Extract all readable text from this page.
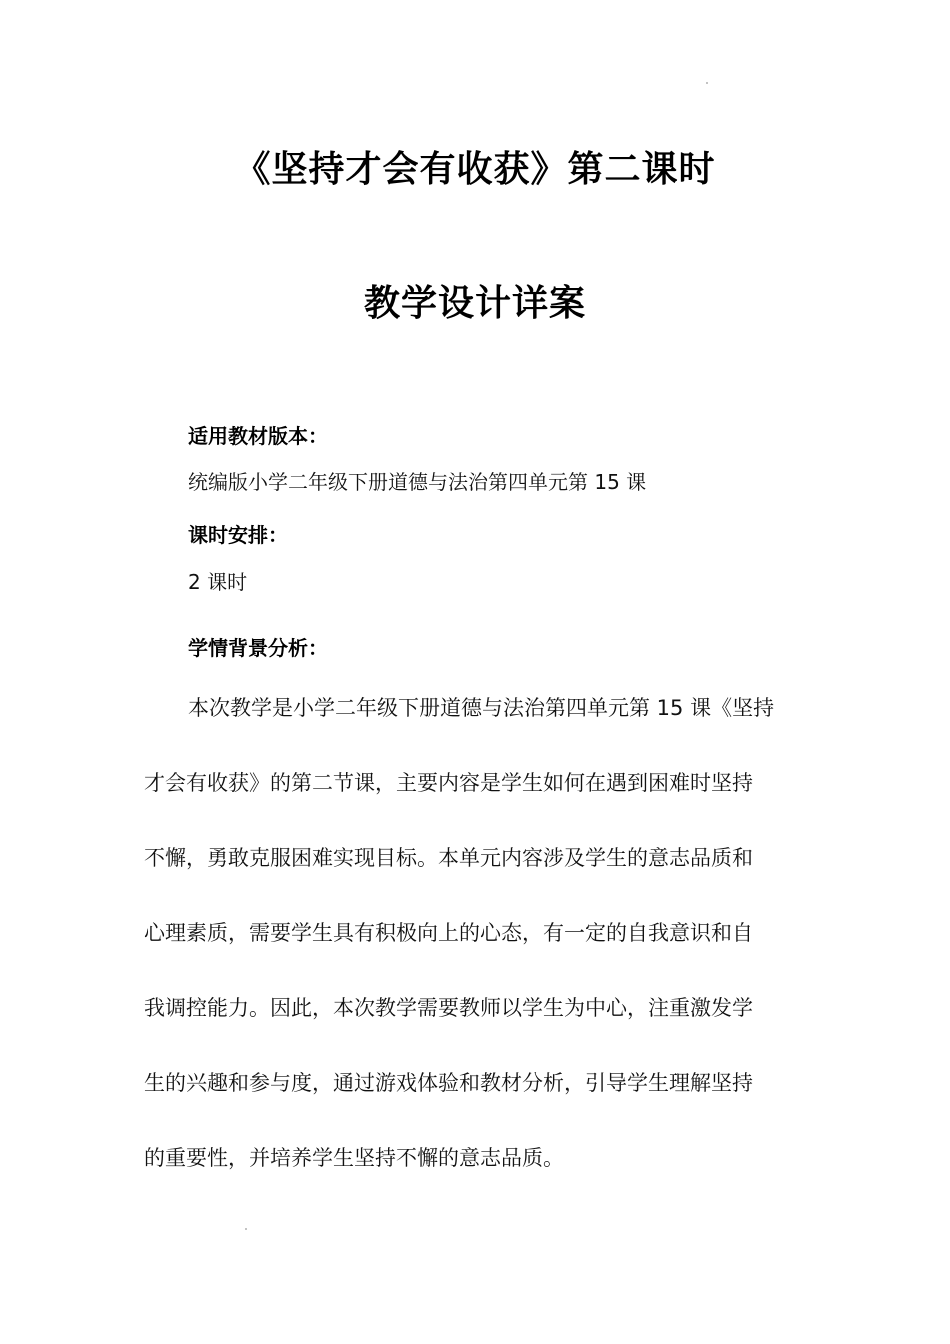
《坚持才会有收获》第二课时
教学设计详案
适用教材版本：
统编版小学二年级下册道德与法治第四单元第 15 课
课时安排：
2 课时
学情背景分析：
本次教学是小学二年级下册道德与法治第四单元第 15 课《坚持
才会有收获》的第二节课，主要内容是学生如何在遇到困难时坚持
不懈，勇敢克服困难实现目标。本单元内容涉及学生的意志品质和
心理素质，需要学生具有积极向上的心态，有一定的自我意识和自
我调控能力。因此，本次教学需要教师以学生为中心，注重激发学
生的兴趣和参与度，通过游戏体验和教材分析，引导学生理解坚持
的重要性，并培养学生坚持不懈的意志品质。
